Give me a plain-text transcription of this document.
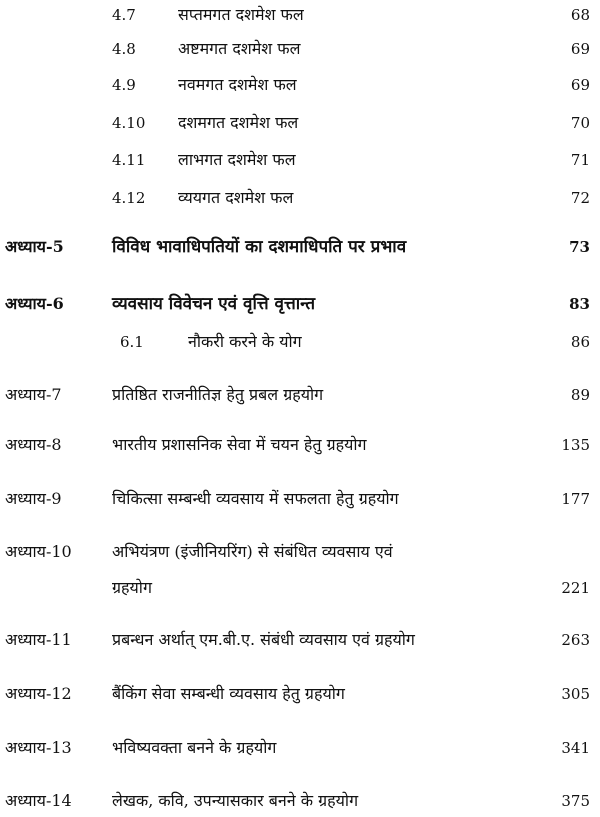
4.7	सप्तमगत दशमेश फल	68
4.8	अष्टमगत दशमेश फल	69
4.9	नवमगत दशमेश फल	69
4.10 दशमगत दशमेश फल	70
4.11 लाभगत दशमेश फल	71
4.12 व्ययगत दशमेश फल	72
अध्याय-5	विविध भावाधिपतियों का दशमाधिपति पर प्रभाव	73
अध्याय-6	व्यवसाय विवेचन एवं वृत्ति वृत्तान्त	83
6.1	नौकरी करने के योग	86
अध्याय-7	प्रतिष्ठित राजनीतिज्ञ हेतु प्रबल ग्रहयोग	89
अध्याय-8	भारतीय प्रशासनिक सेवा में चयन हेतु ग्रहयोग	135
अध्याय-9	चिकित्सा सम्बन्धी व्यवसाय में सफलता हेतु ग्रहयोग	177
अध्याय-10	अभियंत्रण (इंजीनियरिंग) से संबंधित व्यवसाय एवं
ग्रहयोग	221
अध्याय-11	प्रबन्धन अर्थात् एम.बी.ए. संबंधी व्यवसाय एवं ग्रहयोग	263
अध्याय-12	बैंकिंग सेवा सम्बन्धी व्यवसाय हेतु ग्रहयोग	305
अध्याय-13	भविष्यवक्ता बनने के ग्रहयोग	341
अध्याय-14	लेखक, कवि, उपन्यासकार बनने के ग्रहयोग	375
